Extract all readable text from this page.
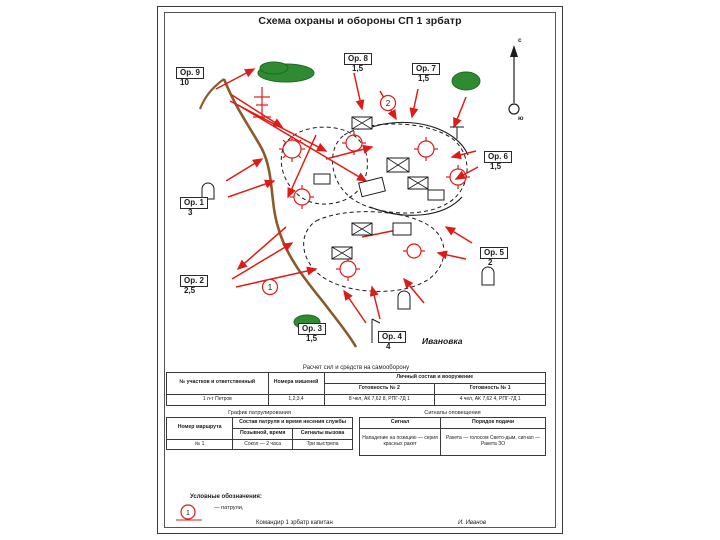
Схема охраны и обороны СП 1 зрбатр
2
1
Ор. 9
10
Ор. 8
1,5	Ор. 7
1,5
Ор. 6
1,5
Ор. 1
3
Ор. 5
2
Ор. 2
2,5
Ор. 3
1,5	Ор. 4
4
Ивановка
с
ю
Расчет сил и средств на самооборону
№ участков и ответственный	Номера мишеней	Личный состав и вооружение	
		Готовность № 2	Готовность № 1
1 л-т Петров	1,2,3,4	8 чел, АК 7,62 8, РПГ-7Д 1	4 чел, АК 7,62 4, РПГ-7Д 1
График патрулирования
Номер маршрута	Состав патруля и время несения службы	
	Позывной, время	Сигналы вызова
№ 1	Сокол — 2 часа	Три выстрела
Сигналы оповещения
Сигнал	Порядок подачи
Нападение на позицию — серия красных ракет	Ракета — голосом Свето-дым, сигнал — Ракета ЗО
Условные обозначения:
1
— патрули,
Командир 1 зрбатр капитан	И. Иванов
